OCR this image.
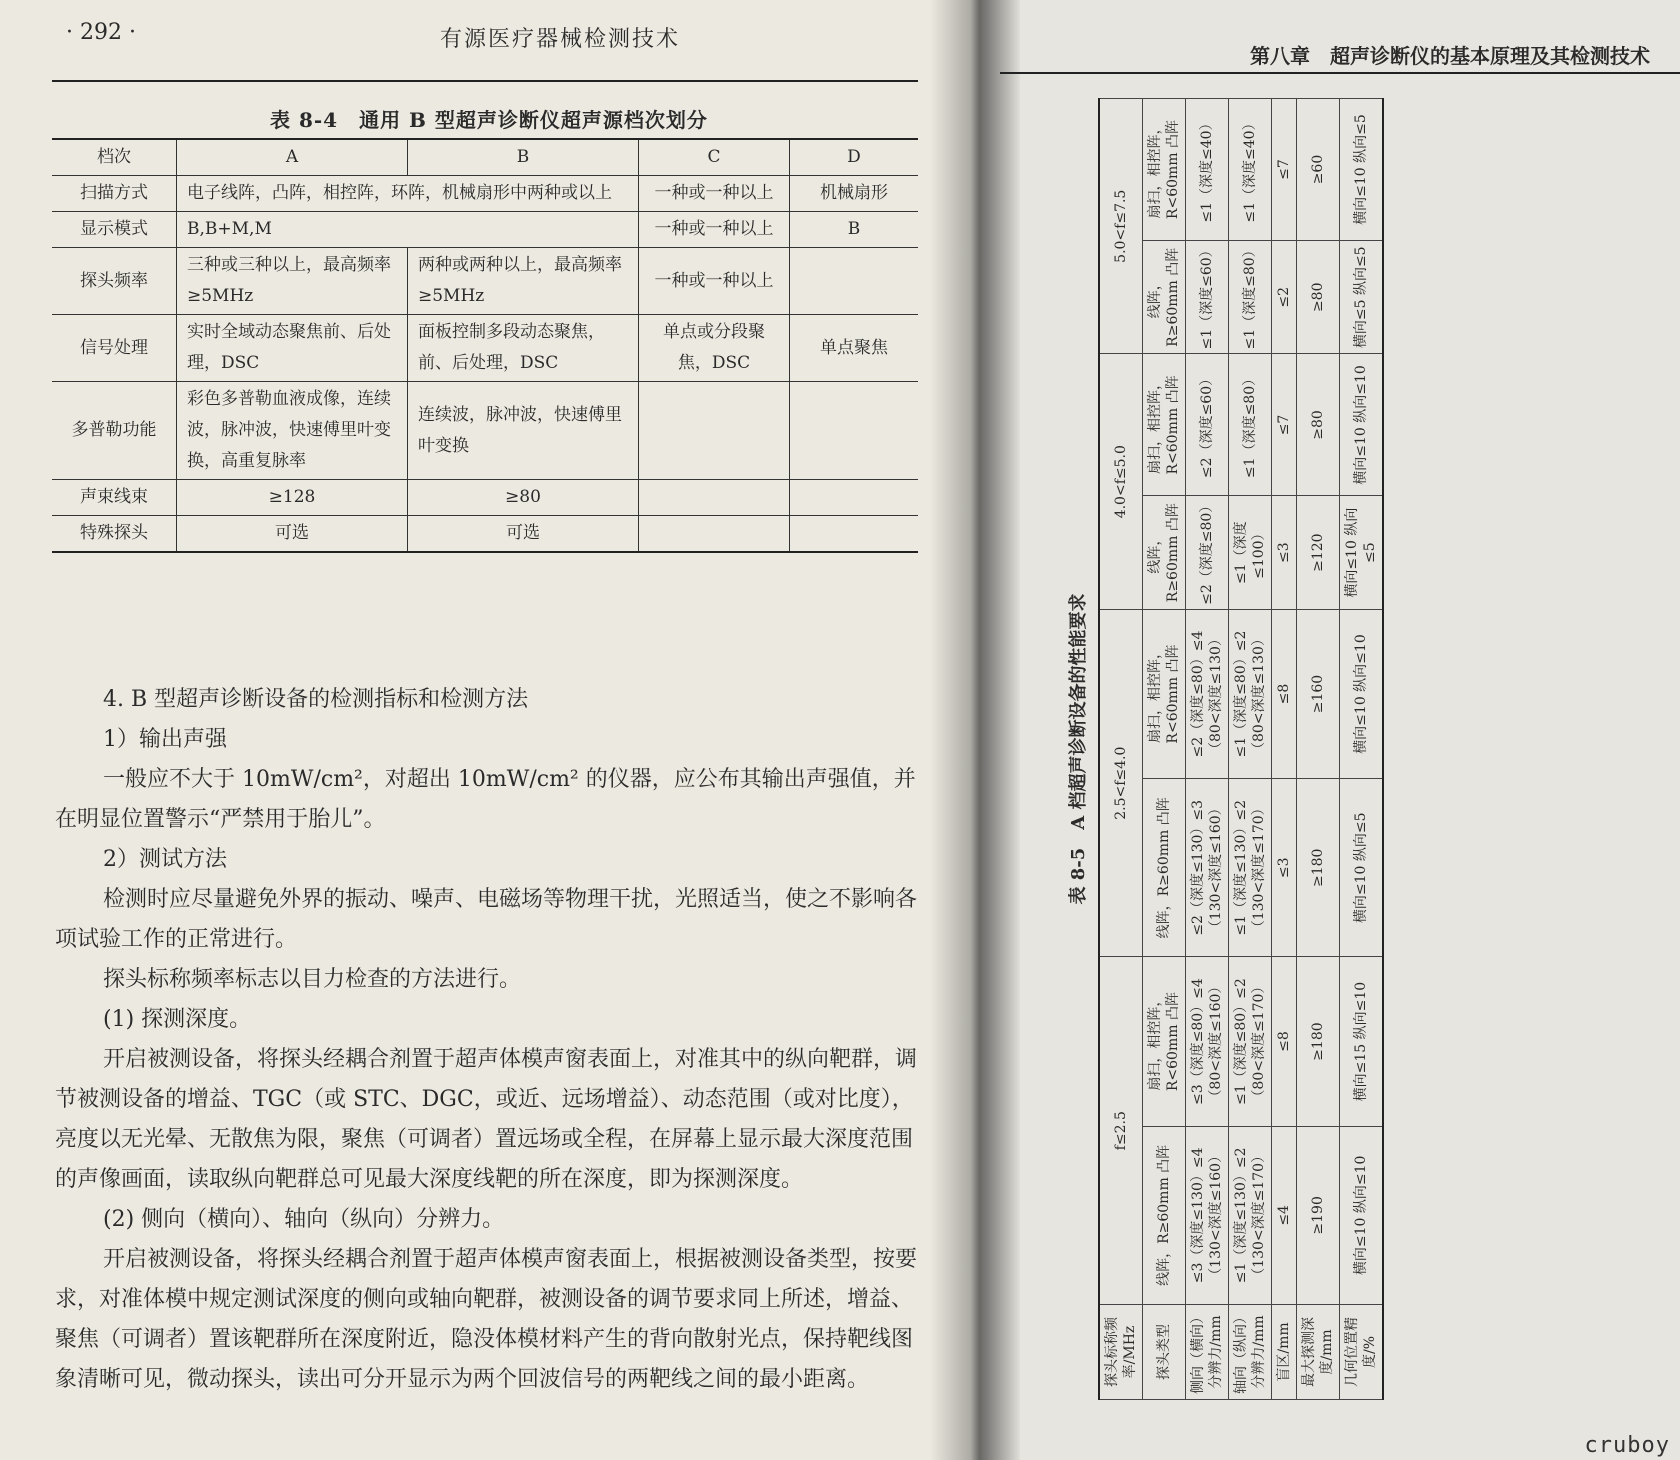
· 292 ·	有源医疗器械检测技术
表 8-4　通用 B 型超声诊断仪超声源档次划分
档次	A	B	C	D
扫描方式	电子线阵，凸阵，相控阵，环阵，机械扇形中两种或以上		一种或一种以上	机械扇形
显示模式	B,B+M,M		一种或一种以上	B
探头频率	三种或三种以上，最高频率≥5MHz	两种或两种以上，最高频率≥5MHz	一种或一种以上	
信号处理	实时全域动态聚焦前、后处理，DSC	面板控制多段动态聚焦，前、后处理，DSC	单点或分段聚焦，DSC	单点聚焦
多普勒功能	彩色多普勒血液成像，连续波，脉冲波，快速傅里叶变换，高重复脉率	连续波，脉冲波，快速傅里叶变换		
声束线束	≥128	≥80		
特殊探头	可选	可选		

4. B 型超声诊断设备的检测指标和检测方法

1）输出声强

一般应不大于 10mW/cm²，对超出 10mW/cm² 的仪器，应公布其输出声强值，并在明显位置警示“严禁用于胎儿”。

2）测试方法

检测时应尽量避免外界的振动、噪声、电磁场等物理干扰，光照适当，使之不影响各项试验工作的正常进行。

探头标称频率标志以目力检查的方法进行。

(1) 探测深度。

开启被测设备，将探头经耦合剂置于超声体模声窗表面上，对准其中的纵向靶群，调节被测设备的增益、TGC（或 STC、DGC，或近、远场增益）、动态范围（或对比度），亮度以无光晕、无散焦为限，聚焦（可调者）置远场或全程，在屏幕上显示最大深度范围的声像画面，读取纵向靶群总可见最大深度线靶的所在深度，即为探测深度。

(2) 侧向（横向）、轴向（纵向）分辨力。

开启被测设备，将探头经耦合剂置于超声体模声窗表面上，根据被测设备类型，按要求，对准体模中规定测试深度的侧向或轴向靶群，被测设备的调节要求同上所述，增益、聚焦（可调者）置该靶群所在深度附近，隐没体模材料产生的背向散射光点，保持靶线图象清晰可见，微动探头，读出可分开显示为两个回波信号的两靶线之间的最小距离。

第八章　超声诊断仪的基本原理及其检测技术
表 8-5　A 档超声诊断设备的性能要求
探头标称频率/MHz	f≤2.5		2.5<f≤4.0		4.0<f≤5.0		5.0<f≤7.5	
探头类型	线阵，R≥60mm 凸阵	扇扫，相控阵，R<60mm 凸阵	线阵，R≥60mm 凸阵	扇扫，相控阵，R<60mm 凸阵	线阵，R≥60mm 凸阵	扇扫，相控阵，R<60mm 凸阵	线阵，R≥60mm 凸阵	扇扫，相控阵，R<60mm 凸阵
侧向（横向）分辨力/mm	≤3（深度≤130）≤4（130<深度≤160）	≤3（深度≤80）≤4（80<深度≤160）	≤2（深度≤130）≤3（130<深度≤160）	≤2（深度≤80）≤4（80<深度≤130）	≤2（深度≤80）	≤2（深度≤60）	≤1（深度≤60）	≤1（深度≤40）
轴向（纵向）分辨力/mm	≤1（深度≤130）≤2（130<深度≤170）	≤1（深度≤80）≤2（80<深度≤170）	≤1（深度≤130）≤2（130<深度≤170）	≤1（深度≤80）≤2（80<深度≤130）	≤1（深度≤100）	≤1（深度≤80）	≤1（深度≤80）	≤1（深度≤40）
盲区/mm	≤4	≤8	≤3	≤8	≤3	≤7	≤2	≤7
最大探测深度/mm	≥190	≥180	≥180	≥160	≥120	≥80	≥80	≥60
几何位置精度/%	横向≤10 纵向≤10	横向≤15 纵向≤10	横向≤10 纵向≤5	横向≤10 纵向≤10	横向≤10 纵向≤5	横向≤10 纵向≤10	横向≤5 纵向≤5	横向≤10 纵向≤5
cruboy
